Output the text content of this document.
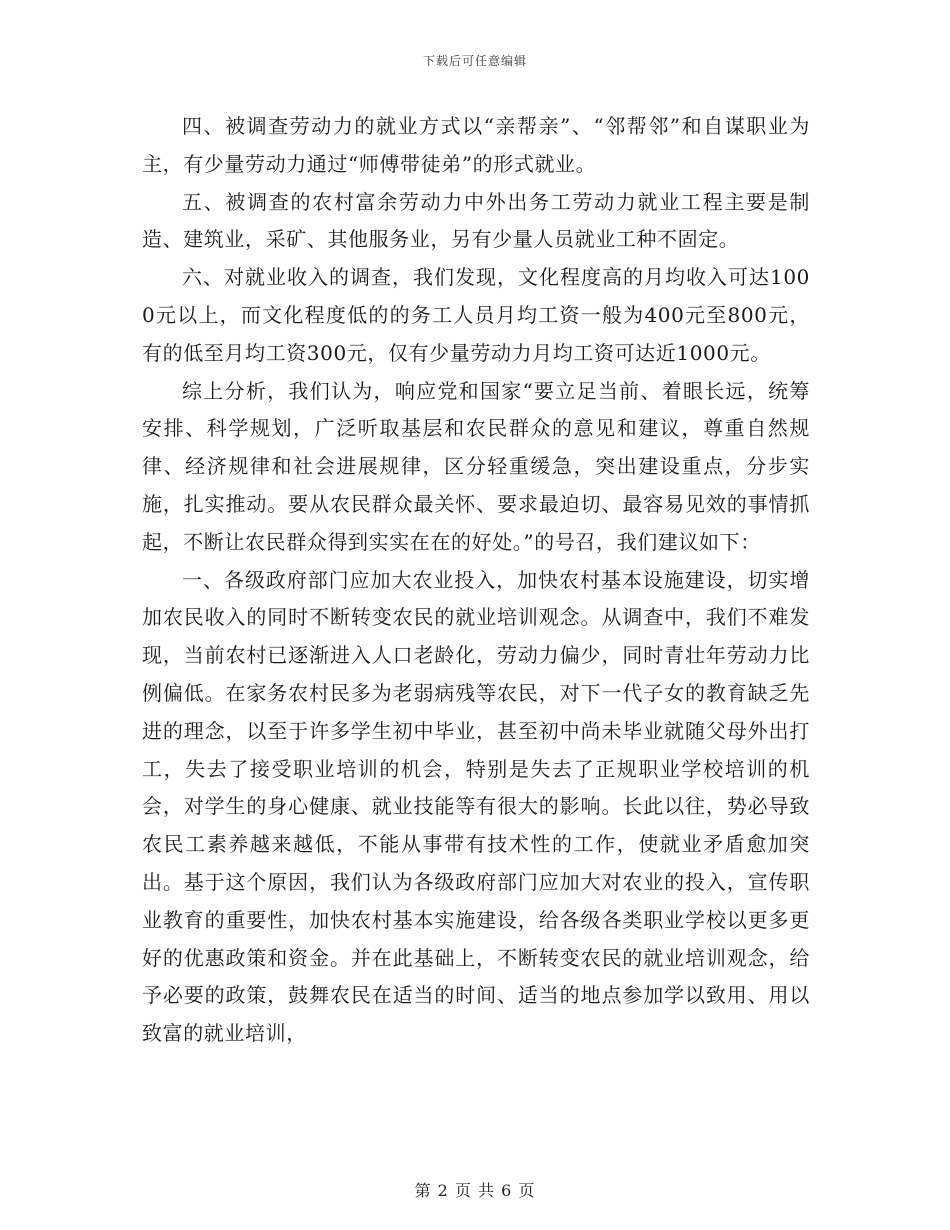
下载后可任意编辑

四、被调查劳动力的就业方式以“亲帮亲”、“邻帮邻”和自谋职业为主，有少量劳动力通过“师傅带徒弟”的形式就业。

五、被调查的农村富余劳动力中外出务工劳动力就业工程主要是制造、建筑业，采矿、其他服务业，另有少量人员就业工种不固定。

六、对就业收入的调查，我们发现，文化程度高的月均收入可达1000元以上，而文化程度低的的务工人员月均工资一般为400元至800元，有的低至月均工资300元，仅有少量劳动力月均工资可达近1000元。

综上分析，我们认为，响应党和国家“要立足当前、着眼长远，统筹安排、科学规划，广泛听取基层和农民群众的意见和建议，尊重自然规律、经济规律和社会进展规律，区分轻重缓急，突出建设重点，分步实施，扎实推动。要从农民群众最关怀、要求最迫切、最容易见效的事情抓起，不断让农民群众得到实实在在的好处。”的号召，我们建议如下：

一、各级政府部门应加大农业投入，加快农村基本设施建设，切实增加农民收入的同时不断转变农民的就业培训观念。从调查中，我们不难发现，当前农村已逐渐进入人口老龄化，劳动力偏少，同时青壮年劳动力比例偏低。在家务农村民多为老弱病残等农民，对下一代子女的教育缺乏先进的理念，以至于许多学生初中毕业，甚至初中尚未毕业就随父母外出打工，失去了接受职业培训的机会，特别是失去了正规职业学校培训的机会，对学生的身心健康、就业技能等有很大的影响。长此以往，势必导致农民工素养越来越低，不能从事带有技术性的工作，使就业矛盾愈加突出。基于这个原因，我们认为各级政府部门应加大对农业的投入，宣传职业教育的重要性，加快农村基本实施建设，给各级各类职业学校以更多更好的优惠政策和资金。并在此基础上，不断转变农民的就业培训观念，给予必要的政策，鼓舞农民在适当的时间、适当的地点参加学以致用、用以致富的就业培训，

第 2 页 共 6 页
